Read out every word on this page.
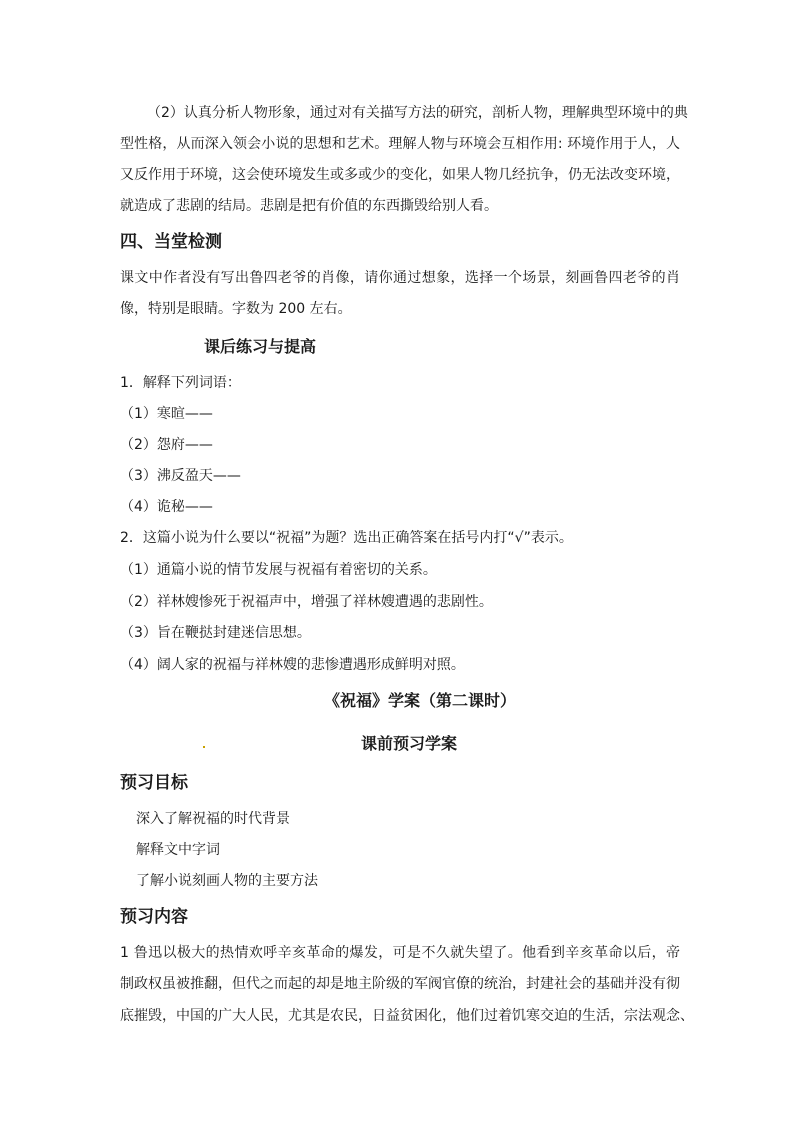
（2）认真分析人物形象，通过对有关描写方法的研究，剖析人物，理解典型环境中的典
型性格，从而深入领会小说的思想和艺术。理解人物与环境会互相作用: 环境作用于人，人
又反作用于环境，这会使环境发生或多或少的变化，如果人物几经抗争，仍无法改变环境，
就造成了悲剧的结局。悲剧是把有价值的东西撕毁给别人看。
四、当堂检测
课文中作者没有写出鲁四老爷的肖像，请你通过想象，选择一个场景，刻画鲁四老爷的肖
像，特别是眼睛。字数为 200 左右。
课后练习与提高
1．解释下列词语：
（1）寒暄——
（2）怨府——
（3）沸反盈天——
（4）诡秘——
2．这篇小说为什么要以“祝福”为题？选出正确答案在括号内打“√”表示。
（1）通篇小说的情节发展与祝福有着密切的关系。
（2）祥林嫂惨死于祝福声中，增强了祥林嫂遭遇的悲剧性。
（3）旨在鞭挞封建迷信思想。
（4）阔人家的祝福与祥林嫂的悲惨遭遇形成鲜明对照。
《祝福》学案（第二课时）
课前预习学案
预习目标
深入了解祝福的时代背景
解释文中字词
了解小说刻画人物的主要方法
预习内容
1 鲁迅以极大的热情欢呼辛亥革命的爆发，可是不久就失望了。他看到辛亥革命以后，帝
制政权虽被推翻，但代之而起的却是地主阶级的军阀官僚的统治，封建社会的基础并没有彻
底摧毁，中国的广大人民，尤其是农民，日益贫困化，他们过着饥寒交迫的生活，宗法观念、
